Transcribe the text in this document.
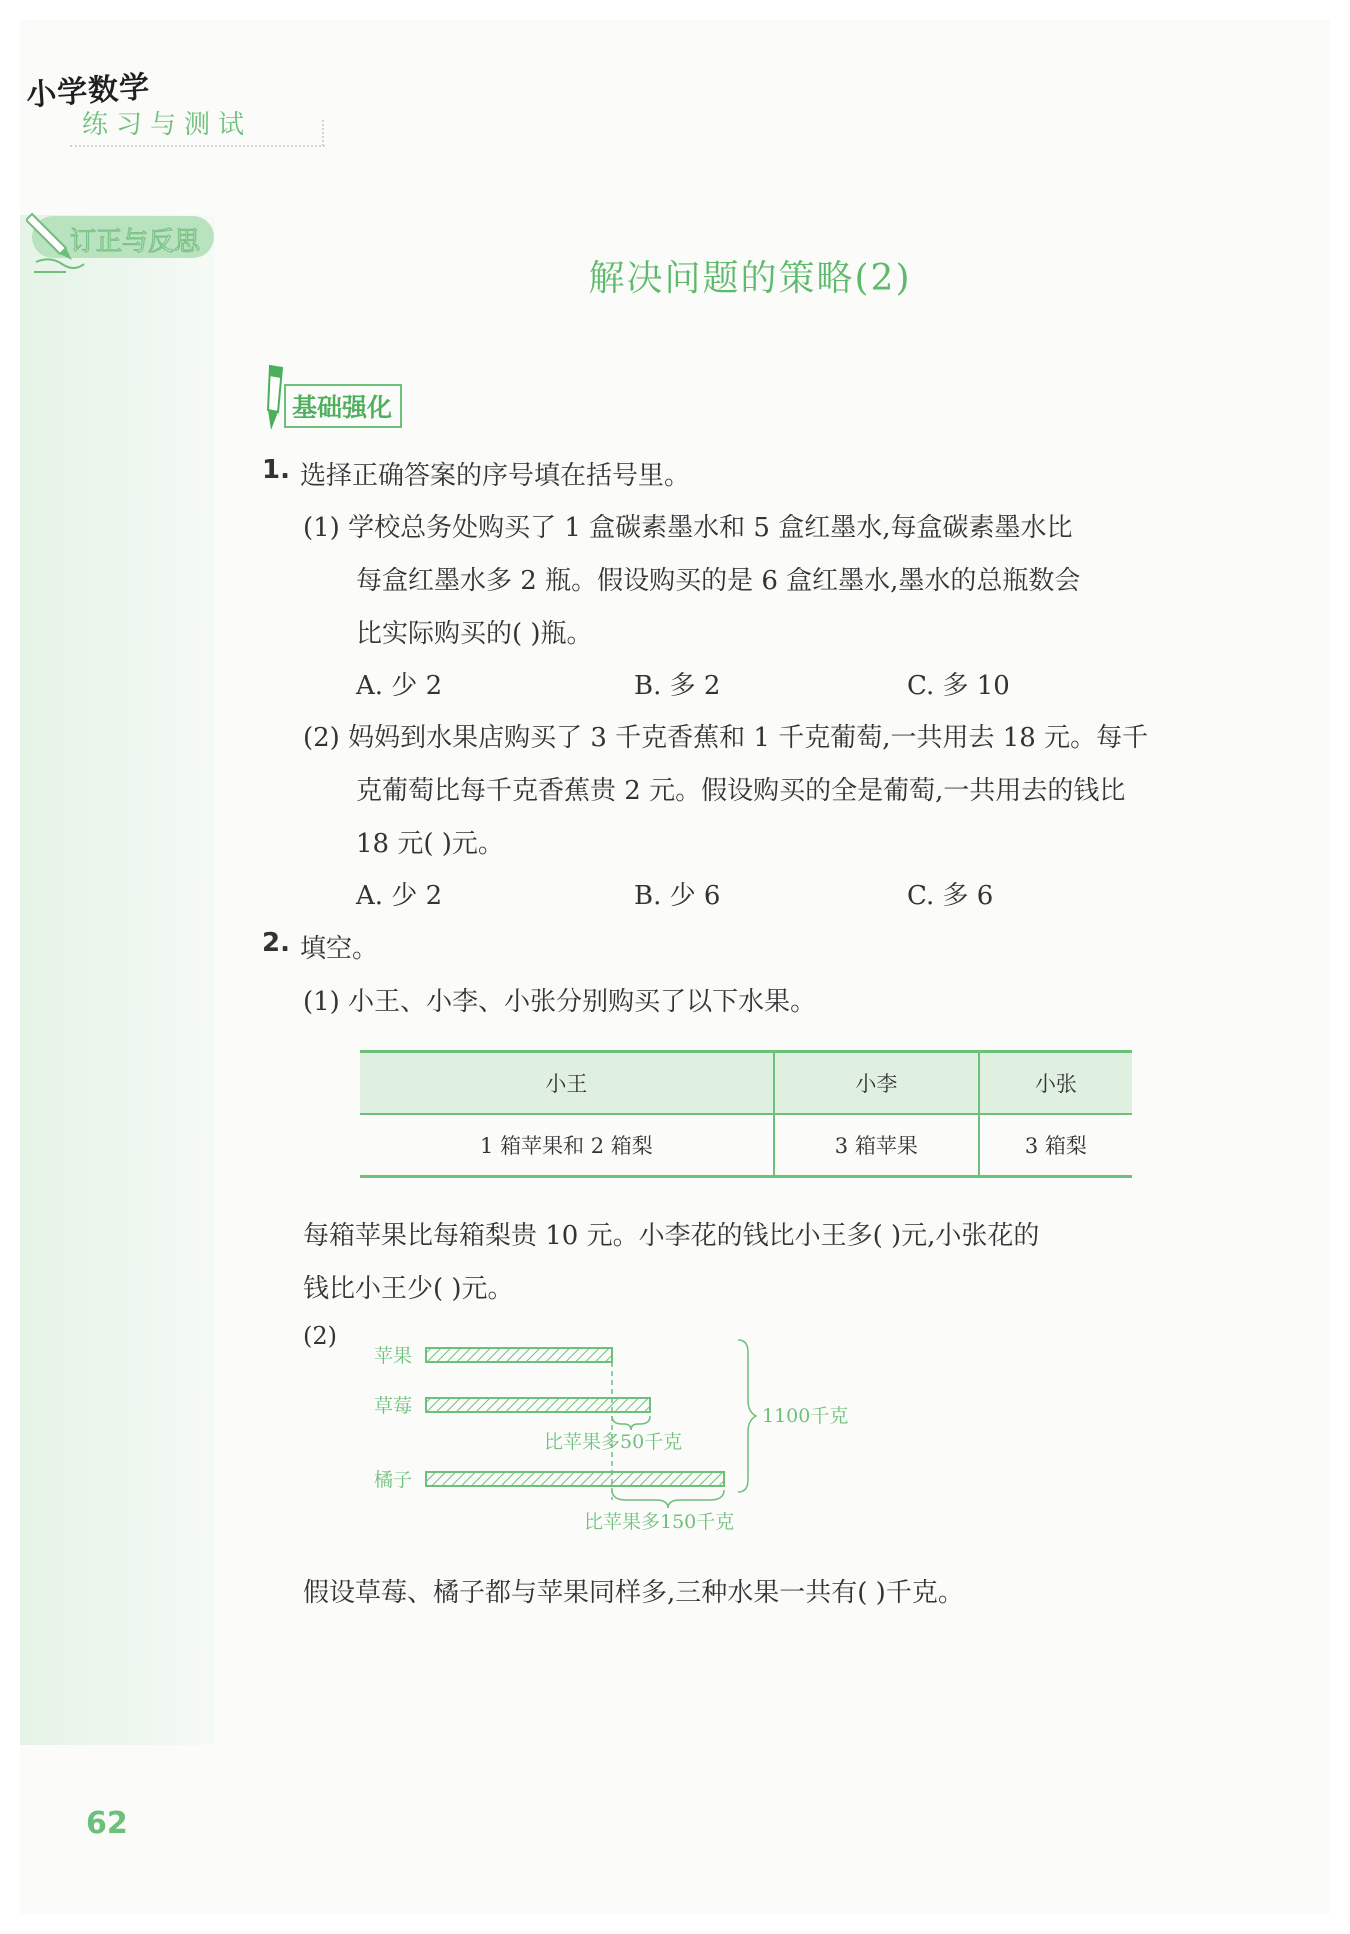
小学数学
练习与测试
订正与反思
解决问题的策略(2)
基础强化
1. 选择正确答案的序号填在括号里。
(1) 学校总务处购买了 1 盒碳素墨水和 5 盒红墨水,每盒碳素墨水比
每盒红墨水多 2 瓶。假设购买的是 6 盒红墨水,墨水的总瓶数会
比实际购买的( )瓶。
A. 少 2	B. 多 2	C. 多 10
(2) 妈妈到水果店购买了 3 千克香蕉和 1 千克葡萄,一共用去 18 元。每千
克葡萄比每千克香蕉贵 2 元。假设购买的全是葡萄,一共用去的钱比
18 元( )元。
A. 少 2	B. 少 6	C. 多 6
2. 填空。
(1) 小王、小李、小张分别购买了以下水果。
小王	小李	小张
1 箱苹果和 2 箱梨	3 箱苹果	3 箱梨
每箱苹果比每箱梨贵 10 元。小李花的钱比小王多( )元,小张花的
钱比小王少( )元。
(2)
苹果
草莓
橘子
比苹果多50千克
比苹果多150千克
1100千克
假设草莓、橘子都与苹果同样多,三种水果一共有( )千克。
62
